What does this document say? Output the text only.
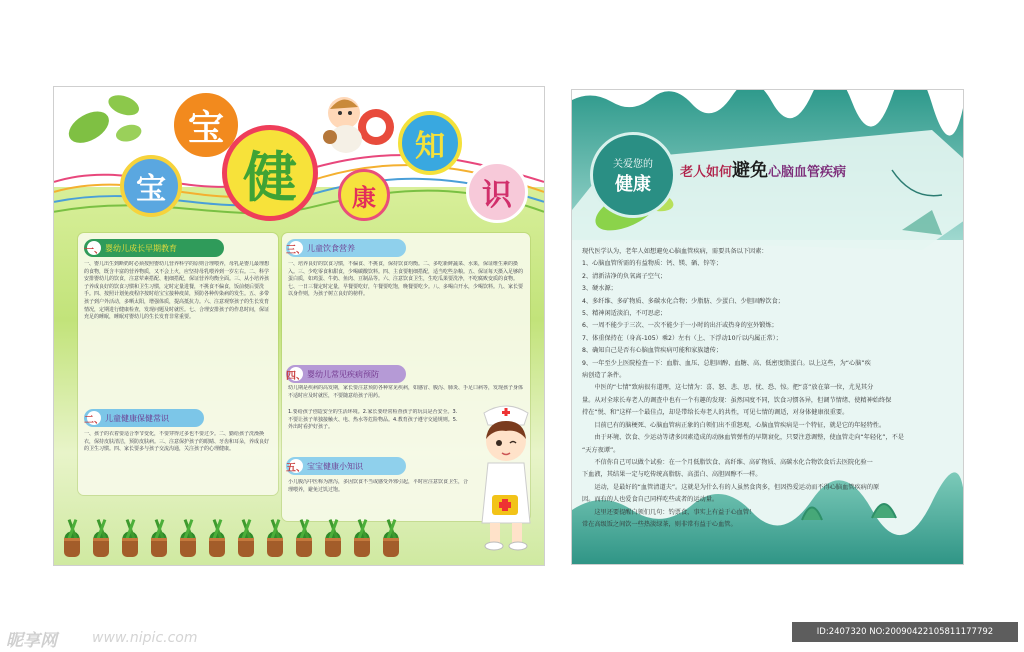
宝
宝
健 康
知
识
一、 婴幼儿成长早期教育
一、婴儿出生到断奶时必须按照婴幼儿营养科学的原则合理喂养，母乳是婴儿最理想的食物，既含丰富的营养物质，又不会上火，应坚持母乳喂养到一岁左右。二、科学安排婴幼儿的饮食，注意荤素搭配、粗细搭配，保证营养均衡全面。三、从小培养孩子养成良好的饮食习惯和卫生习惯，定时定量进餐，不挑食不偏食，饭前便后要洗手。四、按照计划免疫程序按时给宝宝接种疫苗，预防各种传染病的发生。五、多带孩子到户外活动，多晒太阳，增强体质，提高抵抗力。六、注意观察孩子的生长发育情况，定期进行健康检查，发现问题及时就医。七、合理安排孩子的作息时间，保证充足的睡眠，睡眠对婴幼儿的生长发育非常重要。
二、 儿童健康保健常识
一、孩子的衣着要适合季节变化，不要穿得过多也不要过少。二、勤给孩子洗澡换衣，保持皮肤清洁，预防皮肤病。三、注意保护孩子的眼睛、牙齿和耳朵，养成良好的卫生习惯。四、家长要多与孩子交流沟通，关注孩子的心理健康。
三、 儿童饮食营养
一、培养良好的饮食习惯，不偏食、不挑食，保持饮食均衡。二、多吃新鲜蔬菜、水果，保证维生素的摄入。三、少吃零食和甜食，少喝碳酸饮料。四、主食要粗细搭配，适当吃些杂粮。五、保证每天摄入足够的蛋白质，如鸡蛋、牛奶、鱼肉、豆制品等。六、注意饮食卫生，生吃瓜果要洗净，不吃腐败变质的食物。七、一日三餐定时定量，早餐要吃好，午餐要吃饱，晚餐要吃少。八、多喝白开水，少喝饮料。九、家长要以身作则，为孩子树立良好的榜样。
四、 婴幼儿常见疾病预防
幼儿期是疾病的高发期，家长要注意预防各种常见疾病，如感冒、腹泻、肺炎、手足口病等，发现孩子身体不适时应及时就医，不要随意给孩子用药。
1.要给孩子创造安全的生活环境。2.家长要经常检查孩子的玩具是否安全。3.不要让孩子单独接触火、电、热水等危险物品。4.教育孩子遵守交通规则。5.外出时看护好孩子。
五、 宝宝健康小知识
小儿腹泻中医称为泄泻，多因饮食不当或感受外邪引起，平时应注意饮食卫生，合理喂养，避免过饥过饱。
关爱您的
健康
老人如何避免心脑血管疾病
现代医学认为，老年人如想避免心脑血管疾病，需要具备以下因素：
1、心脑血管所需的有益物质：钙、镁、硒、锌等；
2、清新洁净的负氧离子空气；
3、硬水源；
4、多纤维、多矿物质、多碳水化合物；少脂肪、少蛋白、少胆固醇饮食；
5、精神闲适淡泊，不可思虑；
6、一周不能少于三次、一次不能少于一小时的出汗或热身的室外锻炼；
7、体重保持在（身高-105）乘2）左右（上、下浮动10斤以内属正常）；
8、确知自己是否有心脑血管疾病可能和家族遗传；
9、一年至少上医院检查一下：血脂、血压、总胆固醇、血糖、高、低密度脂蛋白。以上这些，为“心脑”疾
病创造了条件。
　　中医的“七情”致病很有道理，这七情为：喜、怒、悲、思、忧、恐、惊。把“喜”放在第一位，尤见其分
量。从对全球长寿老人的调查中也有一个有趣的发现：虽然国度不同，饮食习惯各异，但调节情绪、使精神始终保
持在“悦、和”这样一个最佳点，却是带给长寿老人的共性，可见七情的调适，对身体健康很重要。
　　目前已有的脑梗死、心脑血管病正象的白领们出不重怒观，心脑血管疾病是一个特征，就是它的年轻特性。
　　由于环境、饮食、少运动等诸多因素造成的动脉血管弹性的早期衰化，只要注意调整，使血管走向“年轻化”，不是
“天方夜谭”。
　　不信你自己可以做个试验：在一个月低脂饮食、高纤维、高矿物质、高碳水化合物饮食后去医院化验一
下血液，其结果一定与吃传统高脂肪、高蛋白、高胆固醇不一样。
　　运动，是最好的“血管清道夫”。这就是为什么有的人虽然食肉多，但因热爱运动而不得心脑血管疾病的原
因。而有的人也爱食自己同样吃些或者的运动量。
　　这里还要提醒白领们几句：钓票食，事实上有益于心血管！
常在高级饭之间饮一些热淡绿茶，则非常有益于心血管。
昵享网	www.nipic.com	ID:2407320 NO:20090422105811177792
